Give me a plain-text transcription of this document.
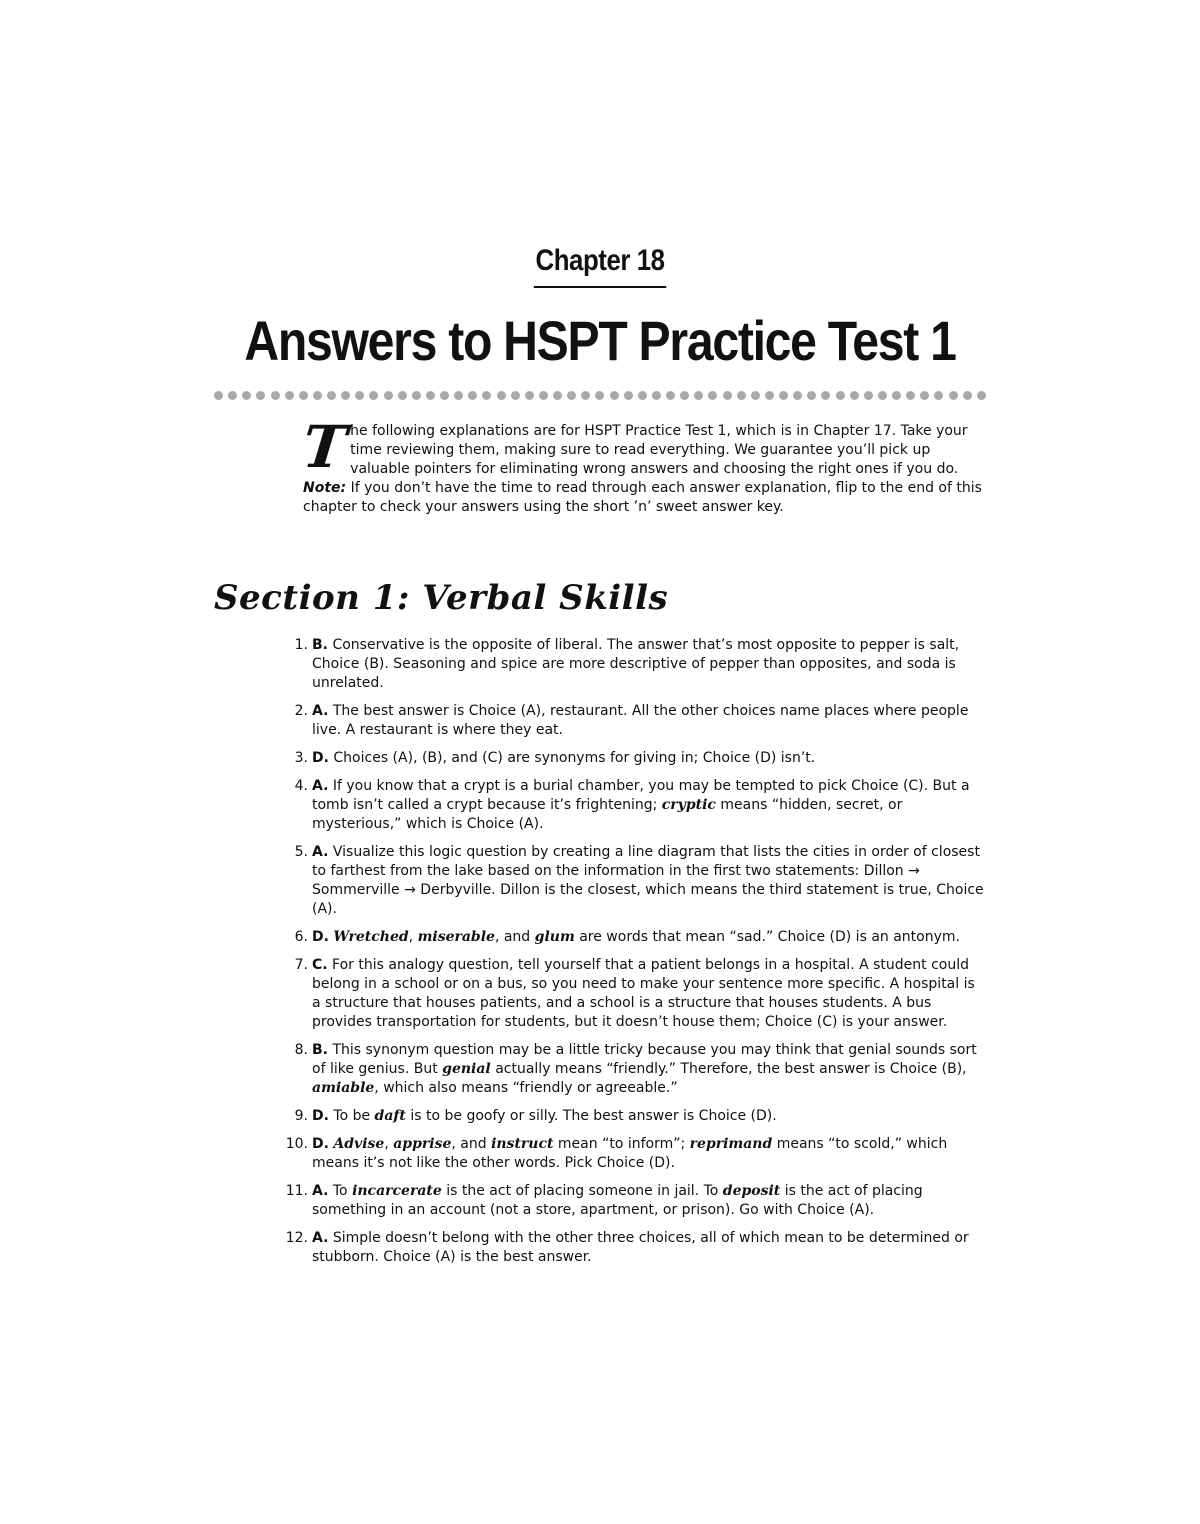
Chapter 18
Answers to HSPT Practice Test 1

The following explanations are for HSPT Practice Test 1, which is in Chapter 17. Take your time reviewing them, making sure to read everything. We guarantee you’ll pick up valuable pointers for eliminating wrong answers and choosing the right ones if you do. Note: If you don’t have the time to read through each answer explanation, flip to the end of this chapter to check your answers using the short ’n’ sweet answer key.

Section 1: Verbal Skills
1. B. Conservative is the opposite of liberal. The answer that’s most opposite to pepper is salt, Choice (B). Seasoning and spice are more descriptive of pepper than opposites, and soda is unrelated.
2. A. The best answer is Choice (A), restaurant. All the other choices name places where people live. A restaurant is where they eat.
3. D. Choices (A), (B), and (C) are synonyms for giving in; Choice (D) isn’t.
4. A. If you know that a crypt is a burial chamber, you may be tempted to pick Choice (C). But a tomb isn’t called a crypt because it’s frightening; cryptic means “hidden, secret, or mysterious,” which is Choice (A).
5. A. Visualize this logic question by creating a line diagram that lists the cities in order of closest to farthest from the lake based on the information in the first two statements: Dillon → Sommerville → Derbyville. Dillon is the closest, which means the third statement is true, Choice (A).
6. D. Wretched, miserable, and glum are words that mean “sad.” Choice (D) is an antonym.
7. C. For this analogy question, tell yourself that a patient belongs in a hospital. A student could belong in a school or on a bus, so you need to make your sentence more specific. A hospital is a structure that houses patients, and a school is a structure that houses students. A bus provides transportation for students, but it doesn’t house them; Choice (C) is your answer.
8. B. This synonym question may be a little tricky because you may think that genial sounds sort of like genius. But genial actually means “friendly.” Therefore, the best answer is Choice (B), amiable, which also means “friendly or agreeable.”
9. D. To be daft is to be goofy or silly. The best answer is Choice (D).
10. D. Advise, apprise, and instruct mean “to inform”; reprimand means “to scold,” which means it’s not like the other words. Pick Choice (D).
11. A. To incarcerate is the act of placing someone in jail. To deposit is the act of placing something in an account (not a store, apartment, or prison). Go with Choice (A).
12. A. Simple doesn’t belong with the other three choices, all of which mean to be determined or stubborn. Choice (A) is the best answer.
